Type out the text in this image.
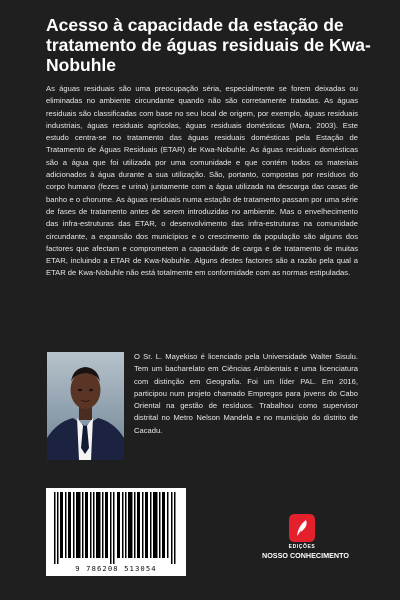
Acesso à capacidade da estação de tratamento de águas residuais de Kwa-Nobuhle

As águas residuais são uma preocupação séria, especialmente se forem deixadas ou eliminadas no ambiente circundante quando não são corretamente tratadas. As águas residuais são classificadas com base no seu local de origem, por exemplo, águas residuais industriais, águas residuais agrícolas, águas residuais domésticas (Mara, 2003). Este estudo centra-se no tratamento das águas residuais domésticas pela Estação de Tratamento de Águas Residuais (ETAR) de Kwa-Nobuhle. As águas residuais domésticas são a água que foi utilizada por uma comunidade e que contém todos os materiais adicionados à água durante a sua utilização. São, portanto, compostas por resíduos do corpo humano (fezes e urina) juntamente com a água utilizada na descarga das casas de banho e o chorume. As águas residuais numa estação de tratamento passam por uma série de fases de tratamento antes de serem introduzidas no ambiente. Mas o envelhecimento das infra-estruturas das ETAR, o desenvolvimento das infra-estruturas na comunidade circundante, a expansão dos municípios e o crescimento da população são alguns dos factores que afectam e comprometem a capacidade de carga e de tratamento de muitas ETAR, incluindo a ETAR de Kwa-Nobuhle. Alguns destes factores são a razão pela qual a ETAR de Kwa-Nobuhle não está totalmente em conformidade com as normas estipuladas.

O Sr. L. Mayekiso é licenciado pela Universidade Walter Sisulu. Tem um bacharelato em Ciências Ambientais e uma licenciatura com distinção em Geografia. Foi um líder PAL. Em 2016, participou num projeto chamado Empregos para jovens do Cabo Oriental na gestão de resíduos. Trabalhou como supervisor distrital no Metro Nelson Mandela e no município do distrito de Cacadu.

9 786208 513054
EDIÇÕES
NOSSO CONHECIMENTO
